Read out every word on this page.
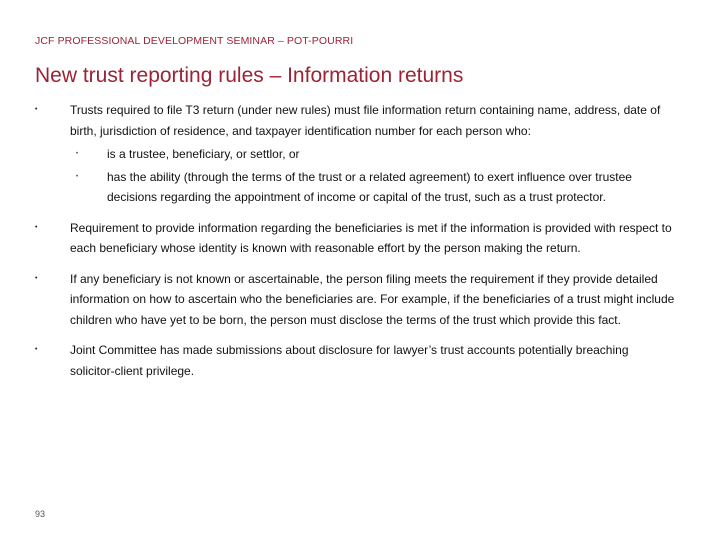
JCF PROFESSIONAL DEVELOPMENT SEMINAR – POT-POURRI
New trust reporting rules – Information returns
•	Trusts required to file T3 return (under new rules) must file information return containing name, address, date of birth, jurisdiction of residence, and taxpayer identification number for each person who:
•	is a trustee, beneficiary, or settlor, or
•	has the ability (through the terms of the trust or a related agreement) to exert influence over trustee decisions regarding the appointment of income or capital of the trust, such as a trust protector.
•	Requirement to provide information regarding the beneficiaries is met if the information is provided with respect to each beneficiary whose identity is known with reasonable effort by the person making the return.
•	If any beneficiary is not known or ascertainable, the person filing meets the requirement if they provide detailed information on how to ascertain who the beneficiaries are. For example, if the beneficiaries of a trust might include children who have yet to be born, the person must disclose the terms of the trust which provide this fact.
•	Joint Committee has made submissions about disclosure for lawyer’s trust accounts potentially breaching solicitor-client privilege.
93
